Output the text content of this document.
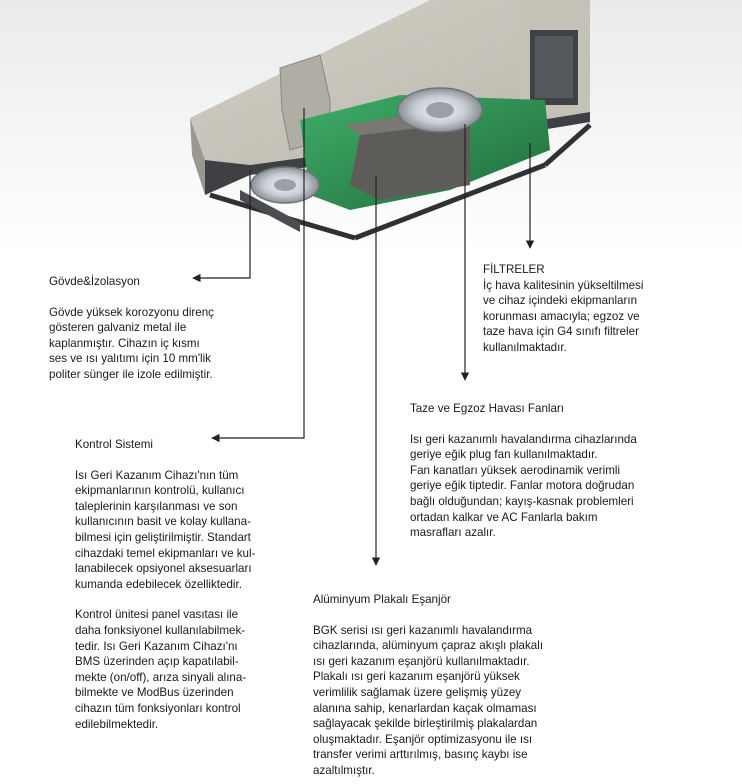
Gövde&İzolasyon
Gövde yüksek korozyonu direnç
gösteren galvaniz metal ile
kaplanmıştır. Cihazın iç kısmı
ses ve ısı yalıtımı için 10 mm'lik
politer sünger ile izole edilmiştir.
FİLTRELER
İç hava kalitesinin yükseltilmesi
ve cihaz içindeki ekipmanların
korunması amacıyla; egzoz ve
taze hava için G4 sınıfı filtreler
kullanılmaktadır.
Taze ve Egzoz Havası Fanları
Isı geri kazanımlı havalandırma cihazlarında
geriye eğik plug fan kullanılmaktadır.
Fan kanatları yüksek aerodinamik verimli
geriye eğik tiptedir. Fanlar motora doğrudan
bağlı olduğundan; kayış-kasnak problemleri
ortadan kalkar ve AC Fanlarla bakım
masrafları azalır.
Kontrol Sistemi
Isı Geri Kazanım Cihazı'nın tüm
ekipmanlarının kontrolü, kullanıcı
taleplerinin karşılanması ve son
kullanıcının basit ve kolay kullana-
bilmesi için geliştirilmiştir. Standart
cihazdaki temel ekipmanları ve kul-
lanabilecek opsiyonel aksesuarları
kumanda edebilecek özelliktedir.
Kontrol ünitesi panel vasıtası ile
daha fonksiyonel kullanılabilmek-
tedir. Isı Geri Kazanım Cihazı'nı
BMS üzerinden açıp kapatılabil-
mekte (on/off), arıza sinyali alına-
bilmekte ve ModBus üzerinden
cihazın tüm fonksiyonları kontrol
edilebilmektedir.
Alüminyum Plakalı Eşanjör
BGK serisi ısı geri kazanımlı havalandırma
cihazlarında, alüminyum çapraz akışlı plakalı
ısı geri kazanım eşanjörü kullanılmaktadır.
Plakalı ısı geri kazanım eşanjörü yüksek
verimlilik sağlamak üzere gelişmiş yüzey
alanına sahip, kenarlardan kaçak olmaması
sağlayacak şekilde birleştirilmiş plakalardan
oluşmaktadır. Eşanjör optimizasyonu ile ısı
transfer verimi arttırılmış, basınç kaybı ise
azaltılmıştır.
